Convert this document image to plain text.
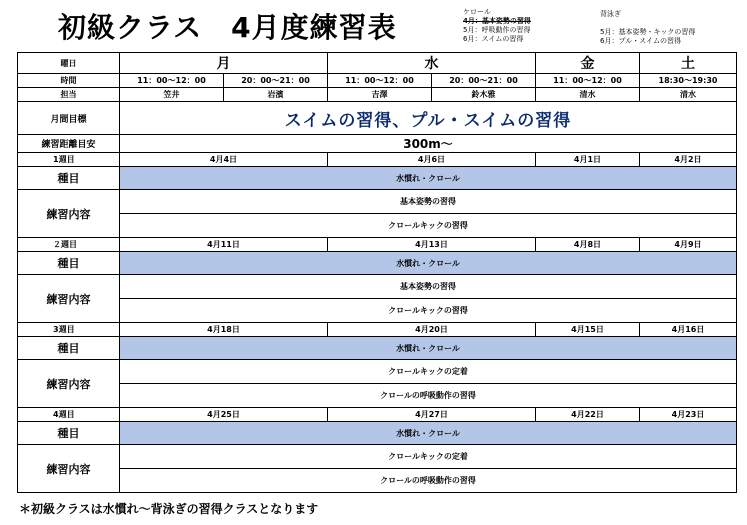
初級クラス　4月度練習表	ケロール
4月：基本姿勢の習得
5月：呼吸動作の習得
6月：スイムの習得
背泳ぎ
5月：基本姿勢・キックの習得
6月：プル・スイムの習得
曜日	月		水		金	土
時間	11：00〜12：00	20：00〜21：00	11：00〜12：00	20：00〜21：00	11：00〜12：00	18:30〜19:30
担当	笠井	岩濱	吉澤	鈴木雅	清水	清水
月間目標	スイムの習得、プル・スイムの習得					
練習距離目安	300m〜					
1週目	4月4日		4月6日		4月1日	4月2日
種目	水慣れ・クロール					
練習内容	基本姿勢の習得					
	クロールキックの習得					
２週目	4月11日		4月13日		4月8日	4月9日
種目	水慣れ・クロール					
練習内容	基本姿勢の習得					
	クロールキックの習得					
3週目	4月18日		4月20日		4月15日	4月16日
種目	水慣れ・クロール					
練習内容	クロールキックの定着					
	クロールの呼吸動作の習得					
4週目	4月25日		4月27日		4月22日	4月23日
種目	水慣れ・クロール					
練習内容	クロールキックの定着					
	クロールの呼吸動作の習得					
＊初級クラスは水慣れ〜背泳ぎの習得クラスとなります
